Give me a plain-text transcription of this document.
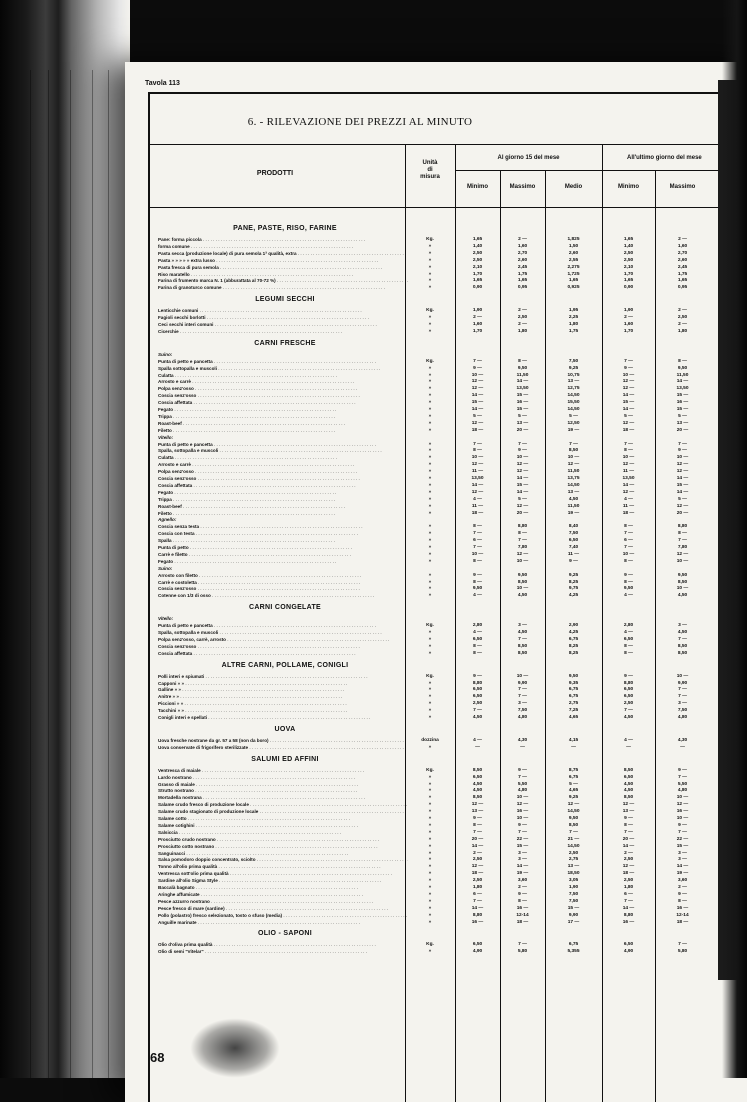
Tavola 113
6. - RILEVAZIONE DEI PREZZI AL MINUTO
PRODOTTI
Unità
di
misura
Al giorno 15 del mese	All'ultimo giorno del mese
Minimo	Massimo	Medio	Minimo	Massimo
PANE, PASTE, RISO, FARINE
Pane: forma piccola . . .	Kg.	1,65	2 —	1,825	1,65	2 —
forma comune . . .	»	1,40	1,60	1,50	1,40	1,60
Pasta secca (produzione locale) di pura semola 1ª qualità, extra . . .	»	2,50	2,70	2,60	2,50	2,70
Pasta » » » » » extra lusso . . .	»	2,50	2,60	2,55	2,50	2,60
Pasta fresca di pura semola . . .	»	2,10	2,45	2,275	2,10	2,45
Riso maratello . . .	»	1,70	1,75	1,725	1,70	1,75
Farina di frumento marca N. 1 (abburattata al 70-72 %) . . .	»	1,65	1,65	1,65	1,65	1,65
Farina di granoturco comune . . .	»	0,90	0,95	0,925	0,90	0,95
LEGUMI SECCHI
Lenticchie comuni . . .	Kg.	1,90	2 —	1,95	1,90	2 —
Fagioli secchi borlotti . . .	»	2 —	2,50	2,25	2 —	2,50
Ceci secchi interi comuni . . .	»	1,60	2 —	1,80	1,60	2 —
Cicerchie . . .	»	1,70	1,80	1,75	1,70	1,80
CARNI FRESCHE
Suino:
Punta di petto e pancetta . . .	Kg.	7 —	8 —	7,50	7 —	8 —
Spalla sottopalla e muscoli . . .	»	9 —	9,50	9,25	9 —	9,50
Culatta . . .	»	10 —	11,50	10,75	10 —	11,50
Arrosto e carrè . . .	»	12 —	14 —	13 —	12 —	14 —
Polpa senz'osso . . .	»	12 —	13,50	12,75	12 —	13,50
Coscia senz'osso . . .	»	14 —	15 —	14,50	14 —	15 —
Coscia affettata . . .	»	15 —	16 —	15,50	15 —	16 —
Fegato . . .	»	14 —	15 —	14,50	14 —	15 —
Trippa . . .	»	5 —	5 —	5 —	5 —	5 —
Roast-beef . . .	»	12 —	13 —	12,50	12 —	13 —
Filetto . . .	»	18 —	20 —	19 —	18 —	20 —
Vitello:
Punta di petto e pancetta . . .	»	7 —	7 —	7 —	7 —	7 —
Spalla, sottopalla e muscoli . . .	»	8 —	9 —	8,50	8 —	9 —
Culatta . . .	»	10 —	10 —	10 —	10 —	10 —
Arrosto e carrè . . .	»	12 —	12 —	12 —	12 —	12 —
Polpa senz'osso . . .	»	11 —	12 —	11,50	11 —	12 —
Coscia senz'osso . . .	»	13,50	14 —	13,75	13,50	14 —
Coscia affettata . . .	»	14 —	15 —	14,50	14 —	15 —
Fegato . . .	»	12 —	14 —	13 —	12 —	14 —
Trippa . . .	»	4 —	5 —	4,50	4 —	5 —
Roast-beef . . .	»	11 —	12 —	11,50	11 —	12 —
Filetto . . .	»	18 —	20 —	19 —	18 —	20 —
Agnello:
Coscia senza testa . . .	»	8 —	8,80	8,40	8 —	8,80
Coscia con testa . . .	»	7 —	8 —	7,50	7 —	8 —
Spalla . . .	»	6 —	7 —	6,50	6 —	7 —
Punta di petto . . .	»	7 —	7,80	7,40	7 —	7,80
Carrè e filetto . . .	»	10 —	12 —	11 —	10 —	12 —
Fegato . . .	»	8 —	10 —	9 —	8 —	10 —
Suino:
Arrosto con filetto . . .	»	9 —	9,50	9,25	9 —	9,50
Carrè e costoletta . . .	»	8 —	8,50	8,25	8 —	8,50
Coscia senz'osso . . .	»	9,50	10 —	9,75	9,50	10 —
Cotenne con 1/3 di osso . . .	»	4 —	4,50	4,25	4 —	4,50
CARNI CONGELATE
Vitello:
Punta di petto e pancetta . . .	Kg.	2,80	3 —	2,90	2,80	3 —
Spalla, sottopalla e muscoli . . .	»	4 —	4,50	4,25	4 —	4,50
Polpa senz'osso, carrè, arrosto . . .	»	6,50	7 —	6,75	6,50	7 —
Coscia senz'osso . . .	»	8 —	8,50	8,25	8 —	8,50
Coscia affettata . . .	»	8 —	8,50	8,25	8 —	8,50
ALTRE CARNI, POLLAME, CONIGLI
Polli interi e spiumati . . .	Kg.	9 —	10 —	9,50	9 —	10 —
Capponi » » . . .	»	8,80	9,90	9,35	8,80	9,90
Galline » » . . .	»	6,50	7 —	6,75	6,50	7 —
Anitre » » . . .	»	6,50	7 —	6,75	6,50	7 —
Piccioni » » . . .	»	2,50	3 —	2,75	2,50	3 —
Tacchini » » . . .	»	7 —	7,50	7,25	7 —	7,50
Conigli interi e spellati . . .	»	4,50	4,80	4,65	4,50	4,80
UOVA
Uova fresche nostrane da gr. 57 a 58 (non da boro) . . .	dozzina	4 —	4,30	4,15	4 —	4,30
Uova conservate di frigorifero sterilizzate . . .	»	—	—	—	—	—
SALUMI ED AFFINI
Ventresca di maiale . . .	Kg.	8,50	9 —	8,75	8,50	9 —
Lardo nostrano . . .	»	6,50	7 —	6,75	6,50	7 —
Grasso di maiale . . .	»	4,50	5,50	5 —	4,50	5,50
Strutto nostrano . . .	»	4,50	4,80	4,65	4,50	4,80
Mortadella nostrana . . .	»	8,50	10 —	9,25	8,50	10 —
Salame crudo fresco di produzione locale . . .	»	12 —	12 —	12 —	12 —	12 —
Salame crudo stagionato di produzione locale . . .	»	13 —	16 —	14,50	13 —	16 —
Salame cotto . . .	»	9 —	10 —	9,50	9 —	10 —
Salame cotighini . . .	»	8 —	9 —	8,50	8 —	9 —
Salsiccia . . .	»	7 —	7 —	7 —	7 —	7 —
Prosciutto crudo nostrano . . .	»	20 —	22 —	21 —	20 —	22 —
Prosciutto cotto nostrano . . .	»	14 —	15 —	14,50	14 —	15 —
Sanguinacci . . .	»	2 —	3 —	2,50	2 —	3 —
Salsa pomodoro doppio concentrato, sciolto . . .	»	2,50	3 —	2,75	2,50	3 —
Tonno all'olio prima qualità . . .	»	12 —	14 —	13 —	12 —	14 —
Ventresca sott'olio prima qualità . . .	»	18 —	19 —	18,50	18 —	19 —
Sardine all'olio Sigma Style . . .	»	2,50	3,60	3,05	2,50	3,60
Baccalà bagnato . . .	»	1,80	2 —	1,90	1,80	2 —
Aringhe affumicate . . .	»	6 —	9 —	7,50	6 —	9 —
Pesce azzurro nostrano . . .	»	7 —	8 —	7,50	7 —	8 —
Pesce fresco di mare (sardine) . . .	»	14 —	16 —	15 —	14 —	16 —
Pollo (polastro) fresco selezionato, tosto o sfuso (media) . . .	»	8,80	12-14	9,90	8,80	12-14
Anguille marinate . . .	»	16 —	18 —	17 —	16 —	18 —
OLIO - SAPONI
Olio d'oliva prima qualità . . .	Kg.	6,50	7 —	6,75	6,50	7 —
Olio di semi "Vitelar" . . .	»	4,90	5,80	5,355	4,90	5,80
68
